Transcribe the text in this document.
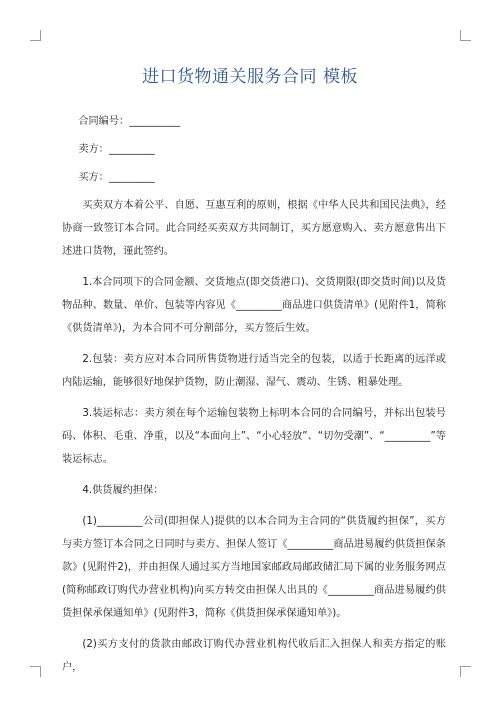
进口货物通关服务合同 模板

合同编号：__________

卖方：_________

买方：_________

买卖双方本着公平、自愿、互惠互利的原则，根据《中华人民共和国民法典》，经协商一致签订本合同。此合同经买卖双方共同制订，买方愿意购入、卖方愿意售出下述进口货物，谨此签约。

1.本合同项下的合同金额、交货地点(即交货港口)、交货期限(即交货时间)以及货物品种、数量、单价、包装等内容见《_________商品进口供货清单》(见附件1，简称《供货清单》)，为本合同不可分割部分，买方签后生效。

2.包装：卖方应对本合同所售货物进行适当完全的包装，以适于长距离的远洋或内陆运输，能够很好地保护货物，防止潮湿、湿气、震动、生锈、粗暴处理。

3.装运标志：卖方须在每个运输包装物上标明本合同的合同编号，并标出包装号码、体积、毛重、净重，以及“本面向上”、“小心轻放”、“切勿受潮”、“_________”等装运标志。

4.供货履约担保：

(1)_________公司(即担保人)提供的以本合同为主合同的“供货履约担保”，买方与卖方签订本合同之日同时与卖方、担保人签订《_________商品进易履约供货担保条款》(见附件2)，并由担保人通过买方当地国家邮政局邮政储汇局下属的业务服务网点(简称邮政订购代办营业机构)向买方转交由担保人出具的《_________商品进易履约供货担保承保通知单》(见附件3，简称《供货担保承保通知单》)。

(2)买方支付的货款由邮政订购代办营业机构代收后汇入担保人和卖方指定的账户，
